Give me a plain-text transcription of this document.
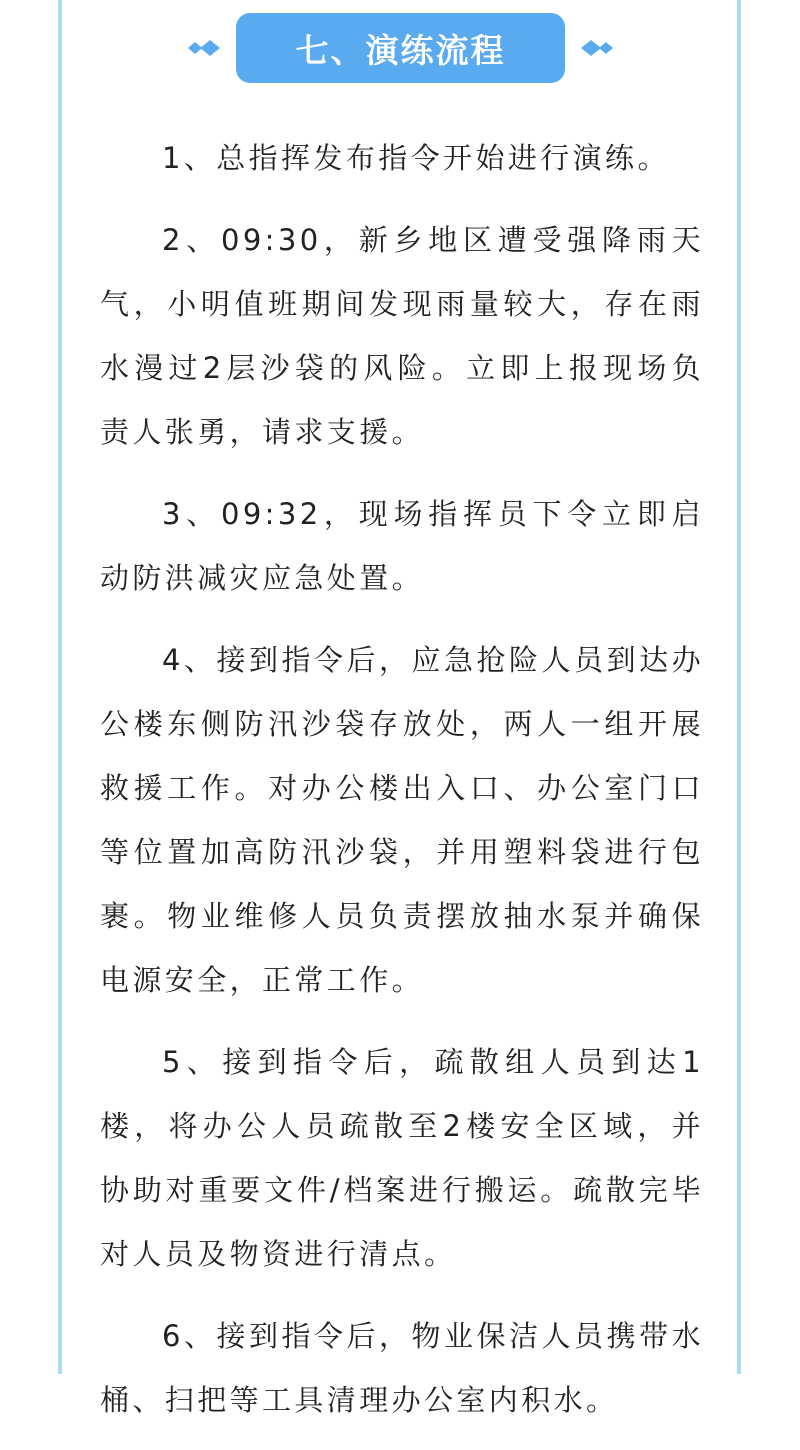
七、演练流程

1、总指挥发布指令开始进行演练。

2、09:30，新乡地区遭受强降雨天气，小明值班期间发现雨量较大，存在雨水漫过2层沙袋的风险。立即上报现场负责人张勇，请求支援。

3、09:32，现场指挥员下令立即启动防洪减灾应急处置。

4、接到指令后，应急抢险人员到达办公楼东侧防汛沙袋存放处，两人一组开展救援工作。对办公楼出入口、办公室门口等位置加高防汛沙袋，并用塑料袋进行包裹。物业维修人员负责摆放抽水泵并确保电源安全，正常工作。

5、接到指令后，疏散组人员到达1楼，将办公人员疏散至2楼安全区域，并协助对重要文件/档案进行搬运。疏散完毕对人员及物资进行清点。

6、接到指令后，物业保洁人员携带水桶、扫把等工具清理办公室内积水。
